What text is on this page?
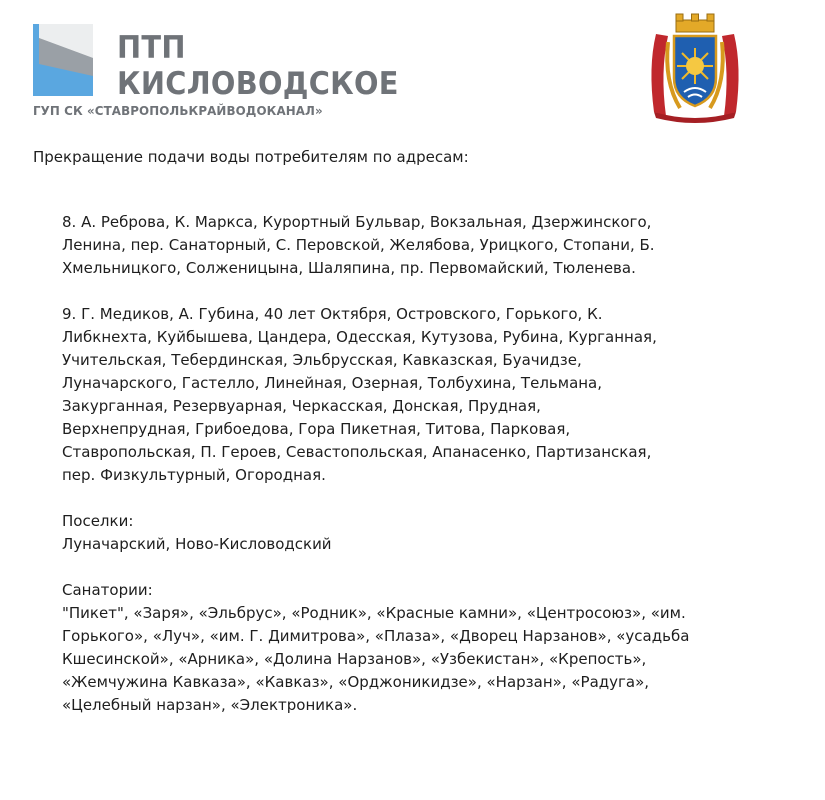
ПТП
КИСЛОВОДСКОЕ
ГУП СК «СТАВРОПОЛЬКРАЙВОДОКАНАЛ»

Прекращение подачи воды потребителям по адресам:

8. А. Реброва, К. Маркса, Курортный Бульвар, Вокзальная, Дзержинского,

Ленина, пер. Санаторный, С. Перовской, Желябова, Урицкого, Стопани, Б.

Хмельницкого, Солженицына, Шаляпина, пр. Первомайский, Тюленева.

9. Г. Медиков, А. Губина, 40 лет Октября, Островского, Горького, К.

Либкнехта, Куйбышева, Цандера, Одесская, Кутузова, Рубина, Курганная,

Учительская, Тебердинская, Эльбрусская, Кавказская, Буачидзе,

Луначарского, Гастелло, Линейная, Озерная, Толбухина, Тельмана,

Закурганная, Резервуарная, Черкасская, Донская, Прудная,

Верхнепрудная, Грибоедова, Гора Пикетная, Титова, Парковая,

Ставропольская, П. Героев, Севастопольская, Апанасенко, Партизанская,

пер. Физкультурный, Огородная.

Поселки:

Луначарский, Ново-Кисловодский

Санатории:

"Пикет", «Заря», «Эльбрус», «Родник», «Красные камни», «Центросоюз», «им.

Горького», «Луч», «им. Г. Димитрова», «Плаза», «Дворец Нарзанов», «усадьба

Кшесинской», «Арника», «Долина Нарзанов», «Узбекистан», «Крепость»,

«Жемчужина Кавказа», «Кавказ», «Орджоникидзе», «Нарзан», «Радуга»,

«Целебный нарзан», «Электроника».
